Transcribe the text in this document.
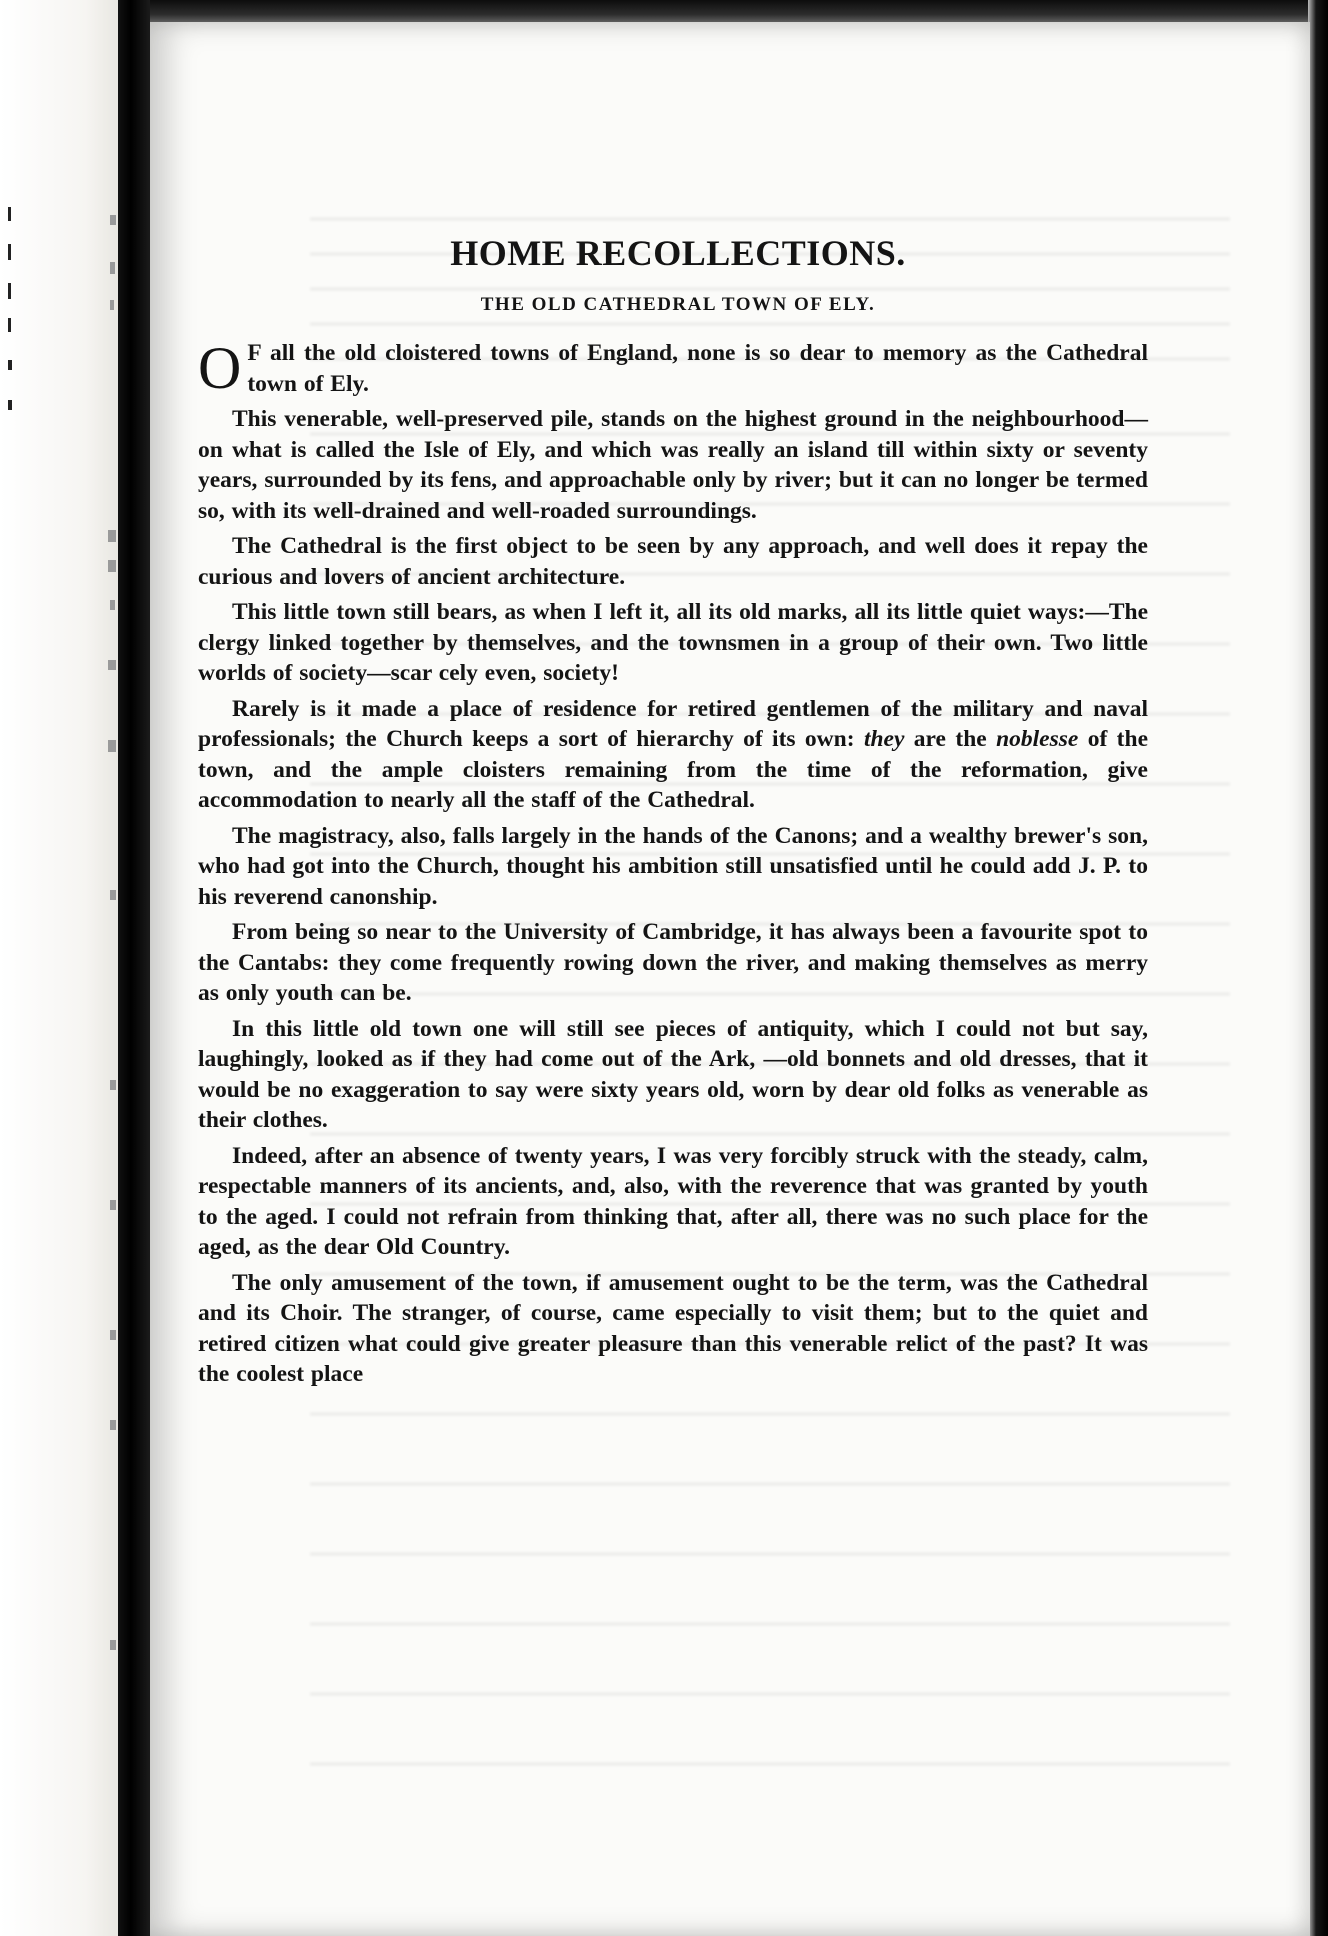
HOME RECOLLECTIONS.
THE OLD CATHEDRAL TOWN OF ELY.

O F all the old cloistered towns of England, none is so dear to memory as the Cathedral town of Ely.

This venerable, well-preserved pile, stands on the highest ground in the neighbourhood—on what is called the Isle of Ely, and which was really an island till within sixty or seventy years, surrounded by its fens, and approachable only by river; but it can no longer be termed so, with its well-drained and well-roaded surroundings.

The Cathedral is the first object to be seen by any approach, and well does it repay the curious and lovers of ancient architecture.

This little town still bears, as when I left it, all its old marks, all its little quiet ways:—The clergy linked together by themselves, and the townsmen in a group of their own. Two little worlds of society—scar cely even, society!

Rarely is it made a place of residence for retired gentlemen of the military and naval professionals; the Church keeps a sort of hierarchy of its own: they are the noblesse of the town, and the ample cloisters remaining from the time of the reformation, give accommodation to nearly all the staff of the Cathedral.

The magistracy, also, falls largely in the hands of the Canons; and a wealthy brewer's son, who had got into the Church, thought his ambition still unsatisfied until he could add J. P. to his reverend canonship.

From being so near to the University of Cambridge, it has always been a favourite spot to the Cantabs: they come frequently rowing down the river, and making themselves as merry as only youth can be.

In this little old town one will still see pieces of antiquity, which I could not but say, laughingly, looked as if they had come out of the Ark, —old bonnets and old dresses, that it would be no exaggeration to say were sixty years old, worn by dear old folks as venerable as their clothes.

Indeed, after an absence of twenty years, I was very forcibly struck with the steady, calm, respectable manners of its ancients, and, also, with the reverence that was granted by youth to the aged. I could not refrain from thinking that, after all, there was no such place for the aged, as the dear Old Country.

The only amusement of the town, if amusement ought to be the term, was the Cathedral and its Choir. The stranger, of course, came especially to visit them; but to the quiet and retired citizen what could give greater pleasure than this venerable relict of the past? It was the coolest place
